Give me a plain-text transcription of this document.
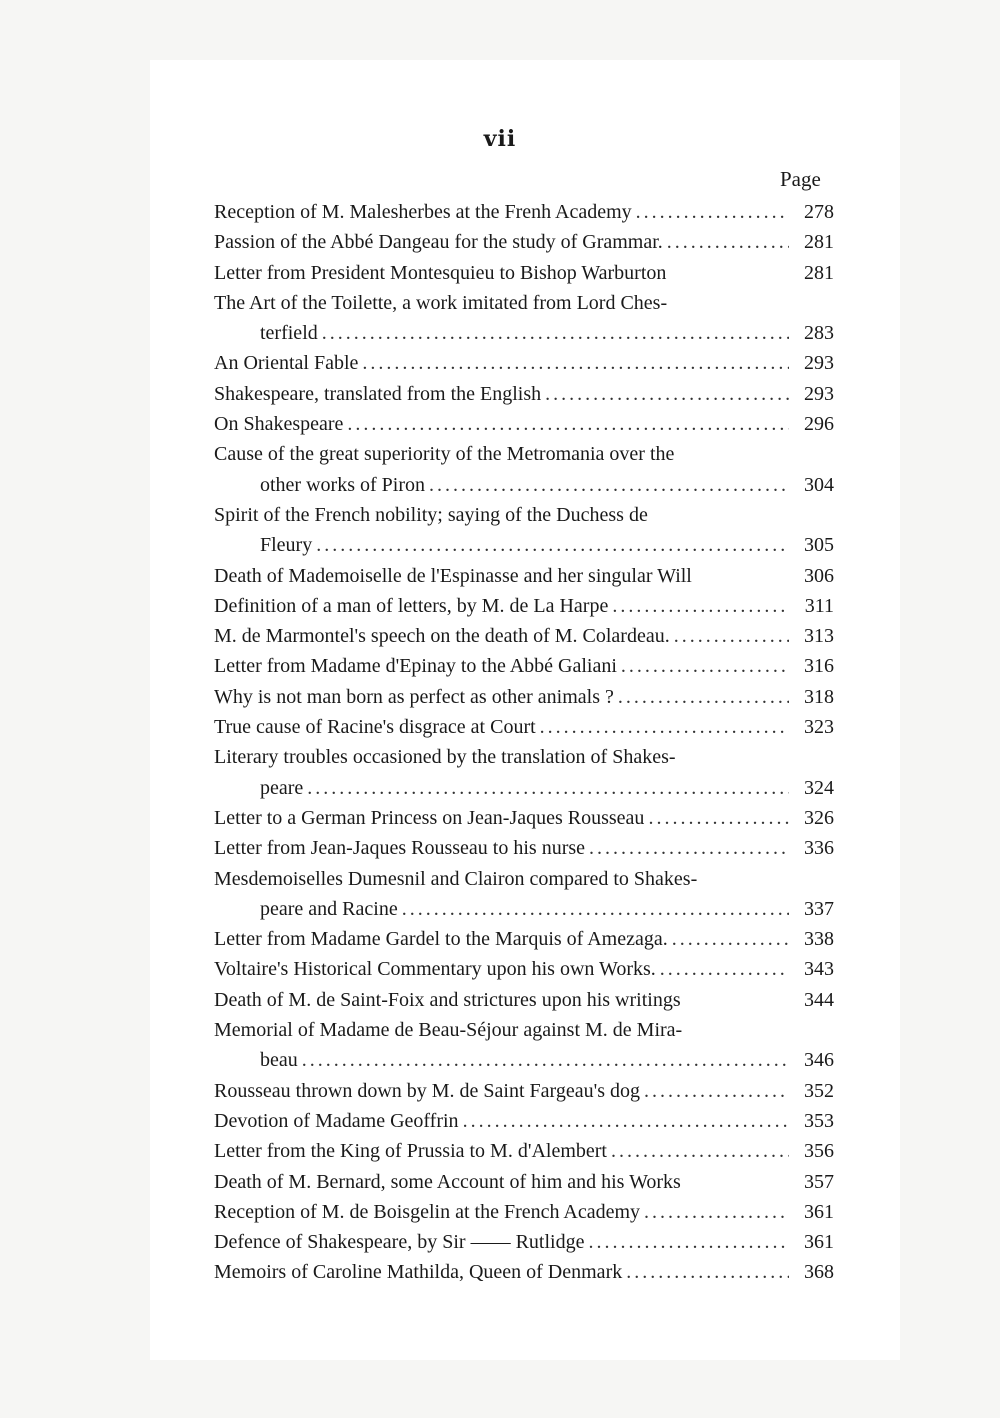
vii
Page
Reception of M. Malesherbes at the Frenh Academy .....	278
Passion of the Abbé Dangeau for the study of Grammar. .....	281
Letter from President Montesquieu to Bishop Warburton	281
The Art of the Toilette, a work imitated from Lord Ches-
terfield .....	283
An Oriental Fable .....	293
Shakespeare, translated from the English .....	293
On Shakespeare .....	296
Cause of the great superiority of the Metromania over the
other works of Piron .....	304
Spirit of the French nobility; saying of the Duchess de
Fleury .....	305
Death of Mademoiselle de l'Espinasse and her singular Will	306
Definition of a man of letters, by M. de La Harpe .....	311
M. de Marmontel's speech on the death of M. Colardeau. .....	313
Letter from Madame d'Epinay to the Abbé Galiani .....	316
Why is not man born as perfect as other animals ? .....	318
True cause of Racine's disgrace at Court .....	323
Literary troubles occasioned by the translation of Shakes-
peare .....	324
Letter to a German Princess on Jean-Jaques Rousseau .....	326
Letter from Jean-Jaques Rousseau to his nurse .....	336
Mesdemoiselles Dumesnil and Clairon compared to Shakes-
peare and Racine .....	337
Letter from Madame Gardel to the Marquis of Amezaga. .....	338
Voltaire's Historical Commentary upon his own Works. .....	343
Death of M. de Saint-Foix and strictures upon his writings	344
Memorial of Madame de Beau-Séjour against M. de Mira-
beau .....	346
Rousseau thrown down by M. de Saint Fargeau's dog .....	352
Devotion of Madame Geoffrin .....	353
Letter from the King of Prussia to M. d'Alembert .....	356
Death of M. Bernard, some Account of him and his Works	357
Reception of M. de Boisgelin at the French Academy .....	361
Defence of Shakespeare, by Sir —— Rutlidge .....	361
Memoirs of Caroline Mathilda, Queen of Denmark .....	368
